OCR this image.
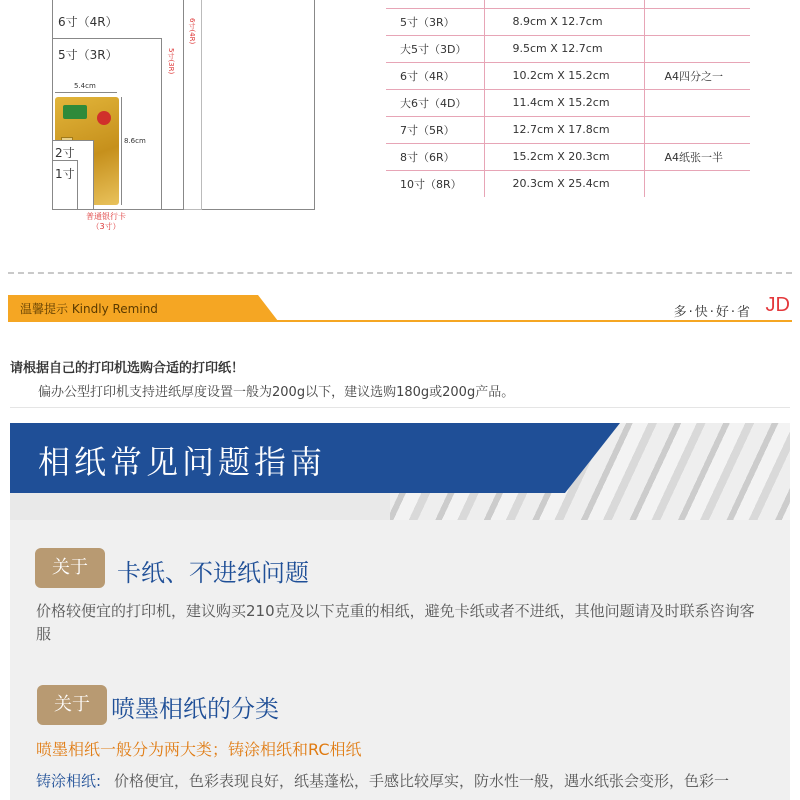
6寸（4R）	6寸(4R)
5寸（3R）	5寸(3R)
5.4cm
8.6cm
2寸
1寸
普通银行卡
（3寸）

5寸（3R）	8.9cm X 12.7cm	
大5寸（3D）	9.5cm X 12.7cm	
6寸（4R）	10.2cm X 15.2cm	A4四分之一
大6寸（4D）	11.4cm X 15.2cm	
7寸（5R）	12.7cm X 17.8cm	
8寸（6R）	15.2cm X 20.3cm	A4纸张一半
10寸（8R）	20.3cm X 25.4cm	
温馨提示 Kindly Remind	多·快·好·省 JD
请根据自己的打印机选购合适的打印纸！
偏办公型打印机支持进纸厚度设置一般为200g以下，建议选购180g或200g产品。
相纸常见问题指南
关于	卡纸、不进纸问题
价格较便宜的打印机，建议购买210克及以下克重的相纸，避免卡纸或者不进纸，其他问题请及时联系咨询客服
关于 喷墨相纸的分类
喷墨相纸一般分为两大类；铸涂相纸和RC相纸
铸涂相纸: 价格便宜，色彩表现良好，纸基蓬松，手感比较厚实，防水性一般，遇水纸张会变形，色彩一
